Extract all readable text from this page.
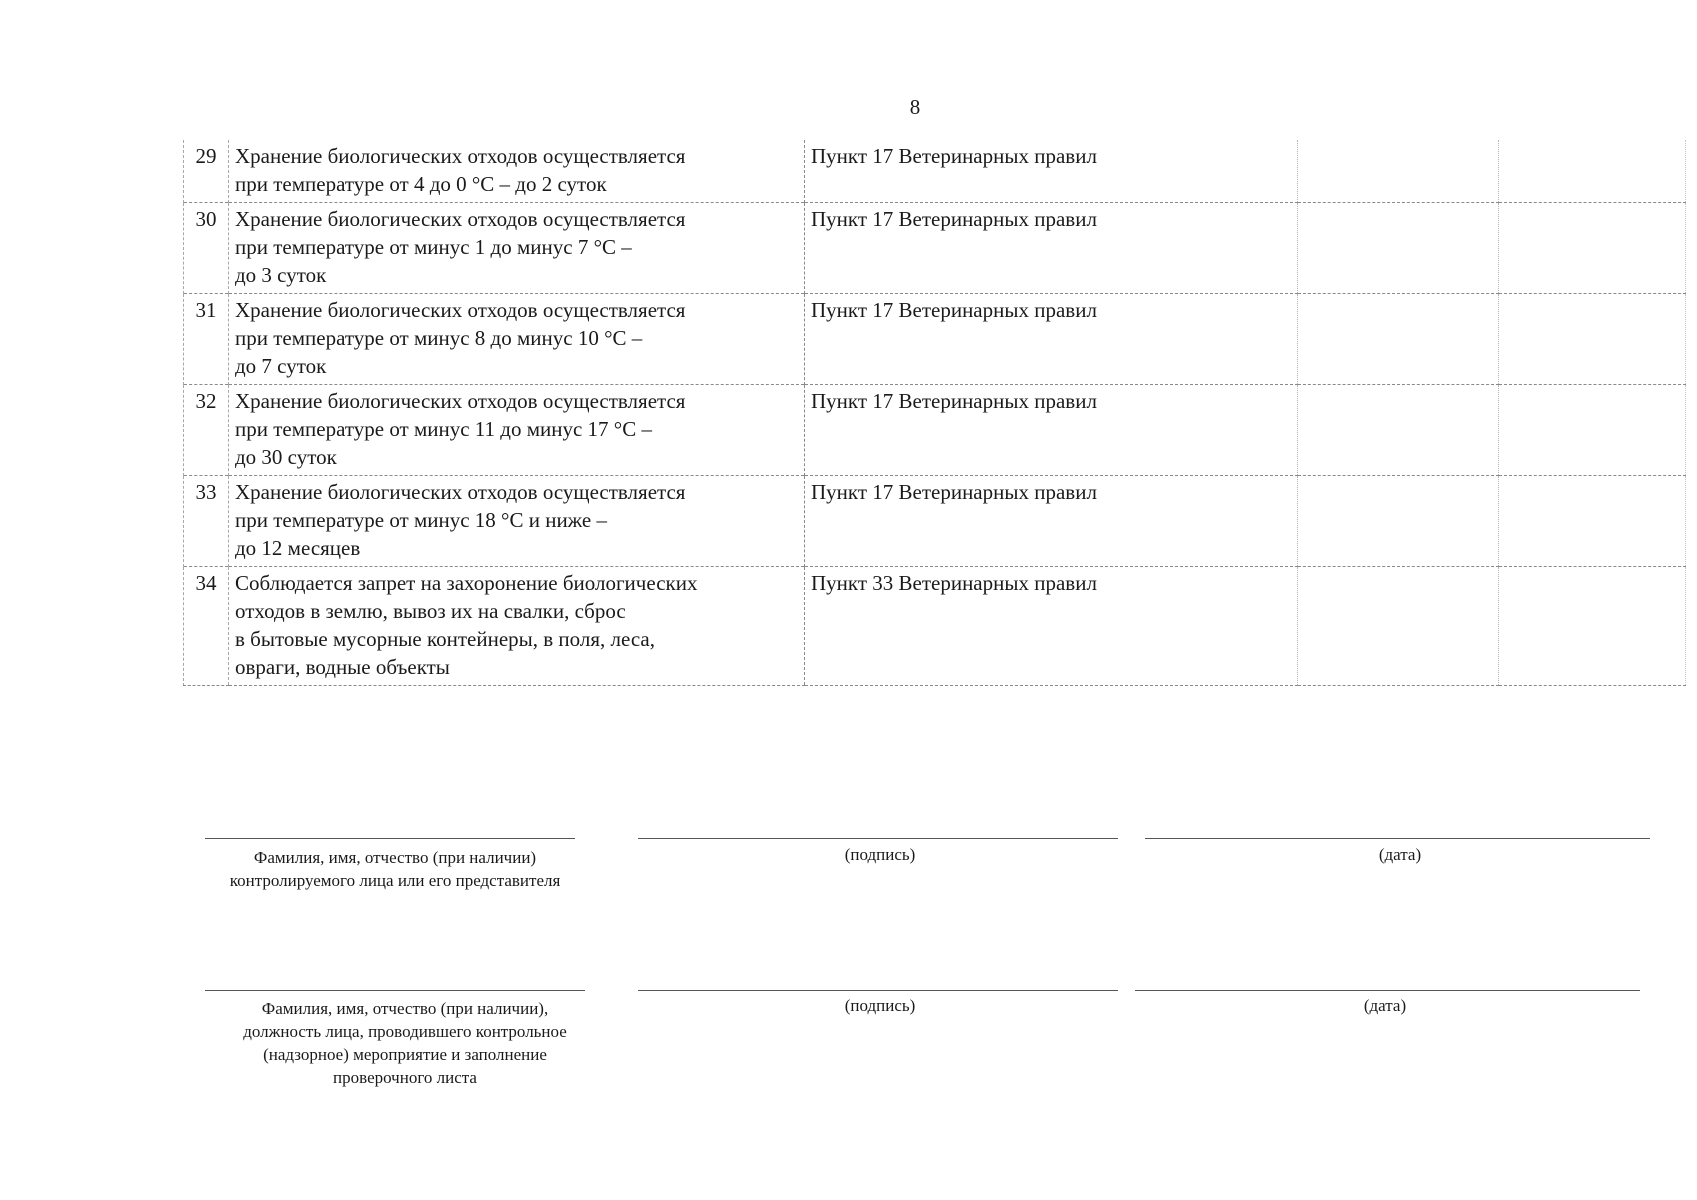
8
29	Хранение биологических отходов осуществляется
при температуре от 4 до 0 °С – до 2 суток	Пункт 17 Ветеринарных правил		
30	Хранение биологических отходов осуществляется
при температуре от минус 1 до минус 7 °С –
до 3 суток	Пункт 17 Ветеринарных правил		
31	Хранение биологических отходов осуществляется
при температуре от минус 8 до минус 10 °С –
до 7 суток	Пункт 17 Ветеринарных правил		
32	Хранение биологических отходов осуществляется
при температуре от минус 11 до минус 17 °С –
до 30 суток	Пункт 17 Ветеринарных правил		
33	Хранение биологических отходов осуществляется
при температуре от минус 18 °С и ниже –
до 12 месяцев	Пункт 17 Ветеринарных правил		
34	Соблюдается запрет на захоронение биологических
отходов в землю, вывоз их на свалки, сброс
в бытовые мусорные контейнеры, в поля, леса,
овраги, водные объекты	Пункт 33 Ветеринарных правил		
Фамилия, имя, отчество (при наличии)
контролируемого лица или его представителя
(подпись)	(дата)
Фамилия, имя, отчество (при наличии),
должность лица, проводившего контрольное
(надзорное) мероприятие и заполнение
проверочного листа
(подпись)	(дата)
